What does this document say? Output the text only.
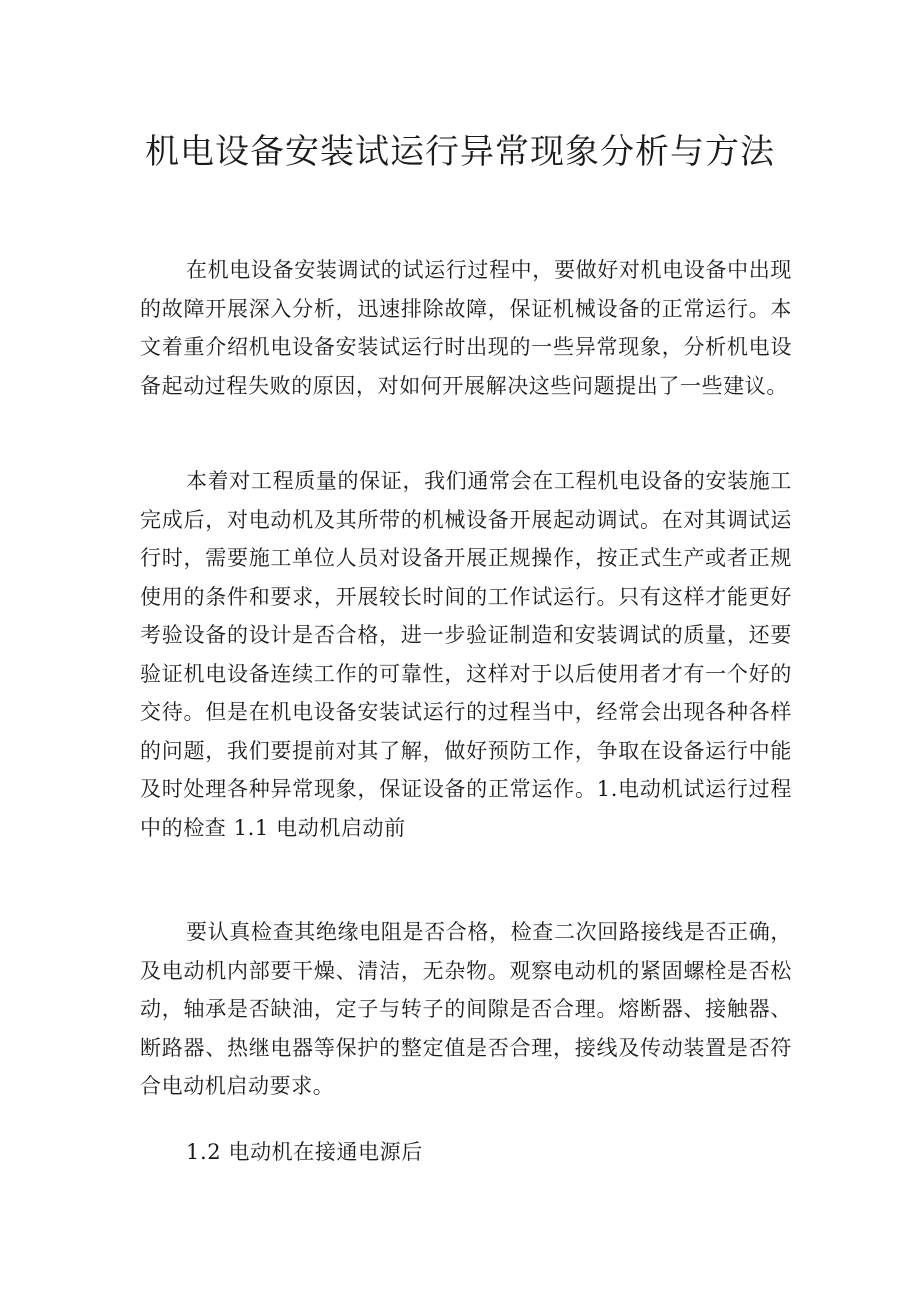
机电设备安装试运行异常现象分析与方法

在机电设备安装调试的试运行过程中，要做好对机电设备中出现的故障开展深入分析，迅速排除故障，保证机械设备的正常运行。本文着重介绍机电设备安装试运行时出现的一些异常现象，分析机电设备起动过程失败的原因，对如何开展解决这些问题提出了一些建议。

本着对工程质量的保证，我们通常会在工程机电设备的安装施工完成后，对电动机及其所带的机械设备开展起动调试。在对其调试运行时，需要施工单位人员对设备开展正规操作，按正式生产或者正规使用的条件和要求，开展较长时间的工作试运行。只有这样才能更好考验设备的设计是否合格，进一步验证制造和安装调试的质量，还要验证机电设备连续工作的可靠性，这样对于以后使用者才有一个好的交待。但是在机电设备安装试运行的过程当中，经常会出现各种各样的问题，我们要提前对其了解，做好预防工作，争取在设备运行中能及时处理各种异常现象，保证设备的正常运作。1.电动机试运行过程中的检查 1.1 电动机启动前

要认真检查其绝缘电阻是否合格，检查二次回路接线是否正确，及电动机内部要干燥、清洁，无杂物。观察电动机的紧固螺栓是否松动，轴承是否缺油，定子与转子的间隙是否合理。熔断器、接触器、断路器、热继电器等保护的整定值是否合理，接线及传动装置是否符合电动机启动要求。

1.2 电动机在接通电源后
